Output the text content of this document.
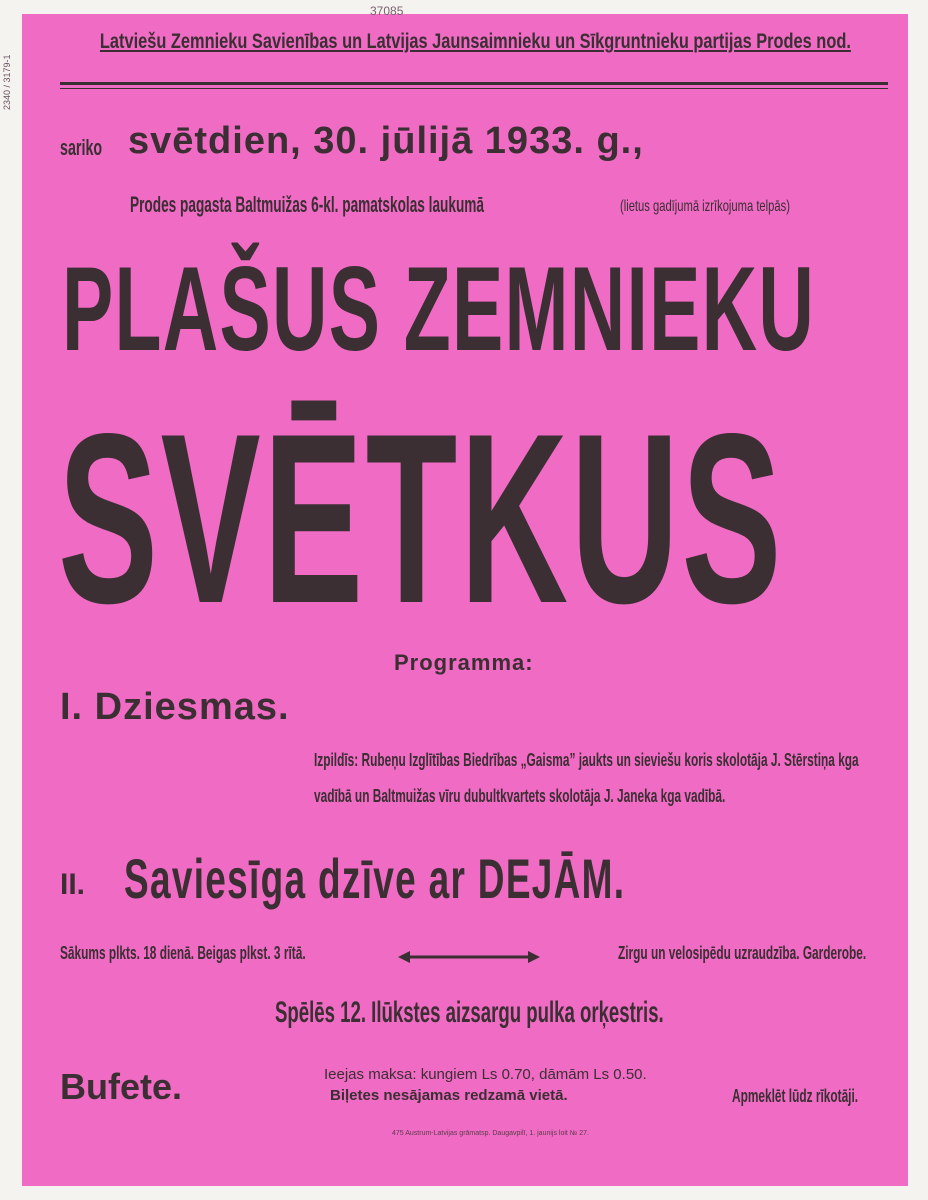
37085
2340 / 3179-1
Latviešu Zemnieku Savienības un Latvijas Jaunsaimnieku un Sīkgruntnieku partijas Prodes nod.
sariko svētdien, 30. jūlijā 1933. g.,
Prodes pagasta Baltmuižas 6-kl. pamatskolas laukumā	(lietus gadījumā izrīkojuma telpās)
PLAŠUS ZEMNIEKU
SVĒTKUS
Programma:
I. Dziesmas.
Izpildīs: Rubeņu Izglītības Biedrības „Gaisma” jaukts un sieviešu koris skolotāja J. Stērstiņa kga
vadībā un Baltmuižas vīru dubultkvartets skolotāja J. Janeka kga vadībā.
II. Saviesīga dzīve ar DEJĀM.
Sākums plkts. 18 dienā. Beigas plkst. 3 rītā.	Zirgu un velosipēdu uzraudzība. Garderobe.
Spēlēs 12. Ilūkstes aizsargu pulka orķestris.
Bufete.	Ieejas maksa: kungiem Ls 0.70, dāmām Ls 0.50.
Biļetes nesājamas redzamā vietā.	Apmeklēt lūdz rīkotāji.
475 Austrum-Latvijas grāmatsp. Daugavpilī, 1. jaunijs loit № 27.
